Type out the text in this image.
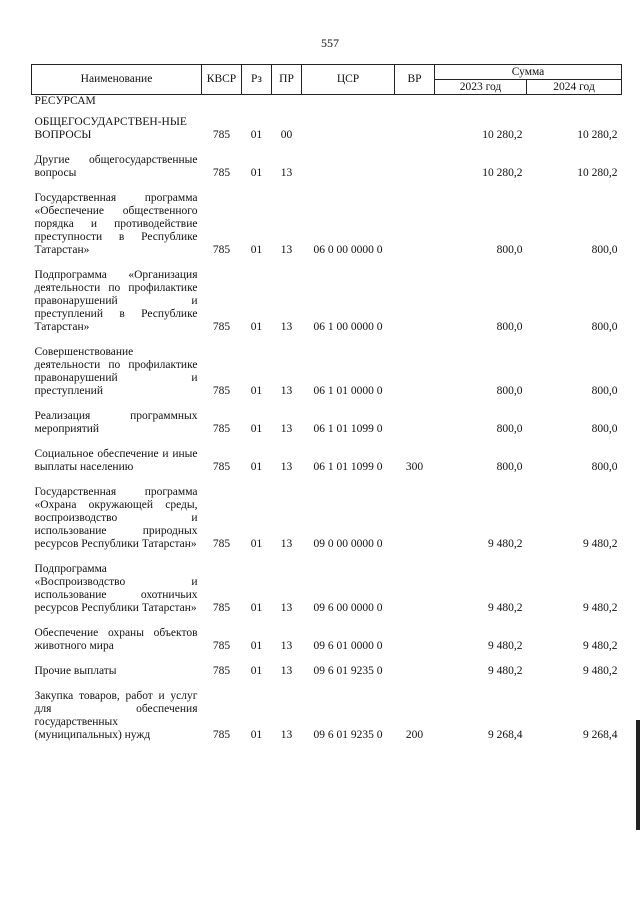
557
Наименование	КВСР	Рз	ПР	ЦСР	ВР	Сумма	
						2023 год	2024 год
РЕСУРСАМ							
ОБЩЕГОСУДАРСТВЕН-НЫЕ ВОПРОСЫ	785	01	00			10 280,2	10 280,2
Другие общегосударственные вопросы	785	01	13			10 280,2	10 280,2
Государственная программа «Обеспечение общественного порядка и противодействие преступности в Республике Татарстан»	785	01	13	06 0 00 0000 0		800,0	800,0
Подпрограмма «Организация деятельности по профилактике правонарушений и преступлений в Республике Татарстан»	785	01	13	06 1 00 0000 0		800,0	800,0
Совершенствование деятельности по профилактике правонарушений и преступлений	785	01	13	06 1 01 0000 0		800,0	800,0
Реализация программных мероприятий	785	01	13	06 1 01 1099 0		800,0	800,0
Социальное обеспечение и иные выплаты населению	785	01	13	06 1 01 1099 0	300	800,0	800,0
Государственная программа «Охрана окружающей среды, воспроизводство и использование природных ресурсов Республики Татарстан»	785	01	13	09 0 00 0000 0		9 480,2	9 480,2
Подпрограмма «Воспроизводство и использование охотничьих ресурсов Республики Татарстан»	785	01	13	09 6 00 0000 0		9 480,2	9 480,2
Обеспечение охраны объектов животного мира	785	01	13	09 6 01 0000 0		9 480,2	9 480,2
Прочие выплаты	785	01	13	09 6 01 9235 0		9 480,2	9 480,2
Закупка товаров, работ и услуг для обеспечения государственных (муниципальных) нужд	785	01	13	09 6 01 9235 0	200	9 268,4	9 268,4
